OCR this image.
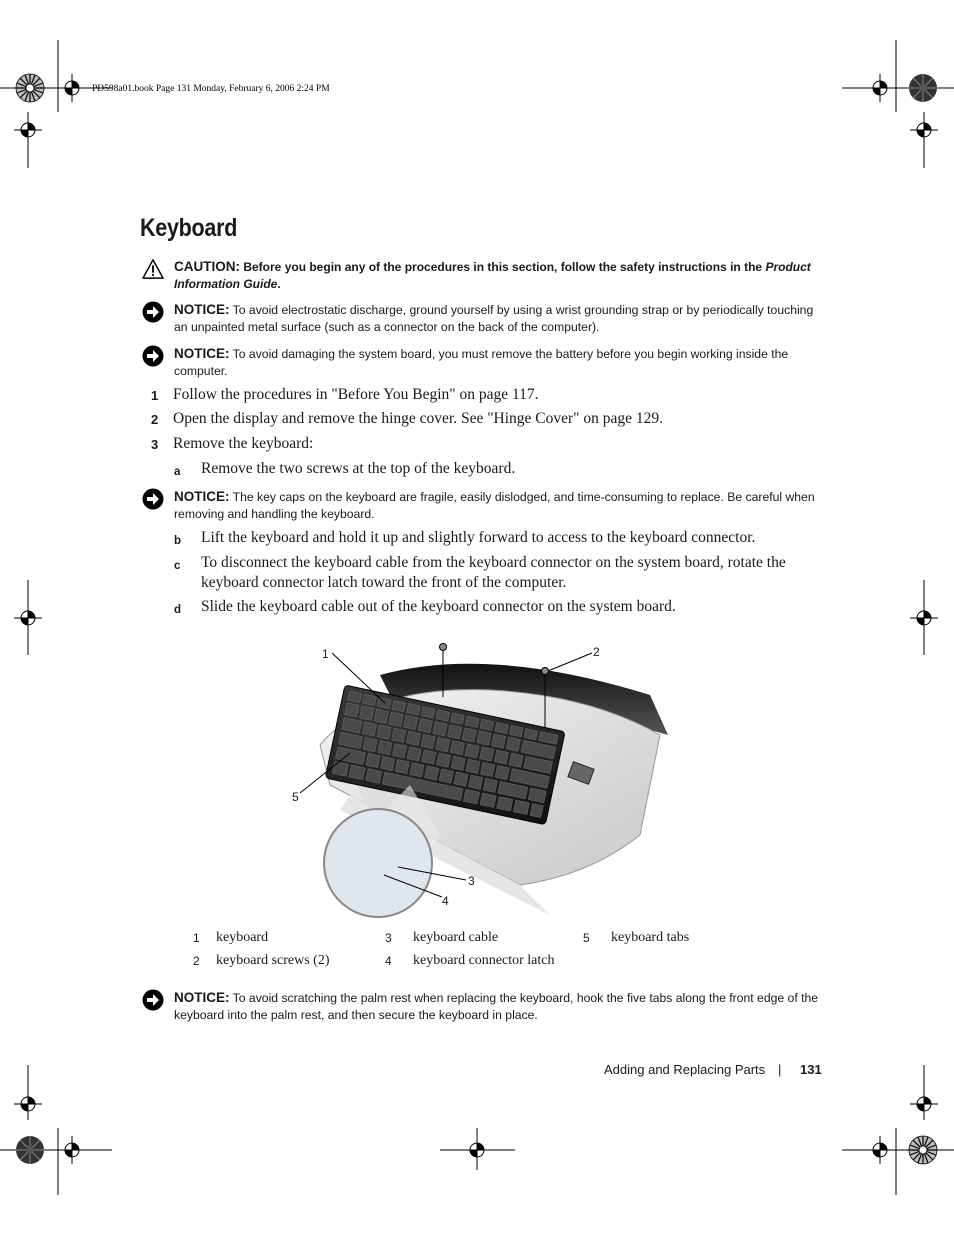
PD598a01.book Page 131 Monday, February 6, 2006 2:24 PM
Keyboard
CAUTION: Before you begin any of the procedures in this section, follow the safety instructions in the Product Information Guide.
NOTICE: To avoid electrostatic discharge, ground yourself by using a wrist grounding strap or by periodically touching an unpainted metal surface (such as a connector on the back of the computer).
NOTICE: To avoid damaging the system board, you must remove the battery before you begin working inside the computer.
1 Follow the procedures in "Before You Begin" on page 117.
2 Open the display and remove the hinge cover. See "Hinge Cover" on page 129.
3 Remove the keyboard:
a Remove the two screws at the top of the keyboard.
NOTICE: The key caps on the keyboard are fragile, easily dislodged, and time-consuming to replace. Be careful when removing and handling the keyboard.
b Lift the keyboard and hold it up and slightly forward to access to the keyboard connector.
c To disconnect the keyboard cable from the keyboard connector on the system board, rotate the
keyboard connector latch toward the front of the computer.
d Slide the keyboard cable out of the keyboard connector on the system board.
1	2
3
4
5
1 keyboard	3 keyboard cable	5 keyboard tabs
2 keyboard screws (2)	4 keyboard connector latch
NOTICE: To avoid scratching the palm rest when replacing the keyboard, hook the five tabs along the front edge of the keyboard into the palm rest, and then secure the keyboard in place.
Adding and Replacing Parts | 131
